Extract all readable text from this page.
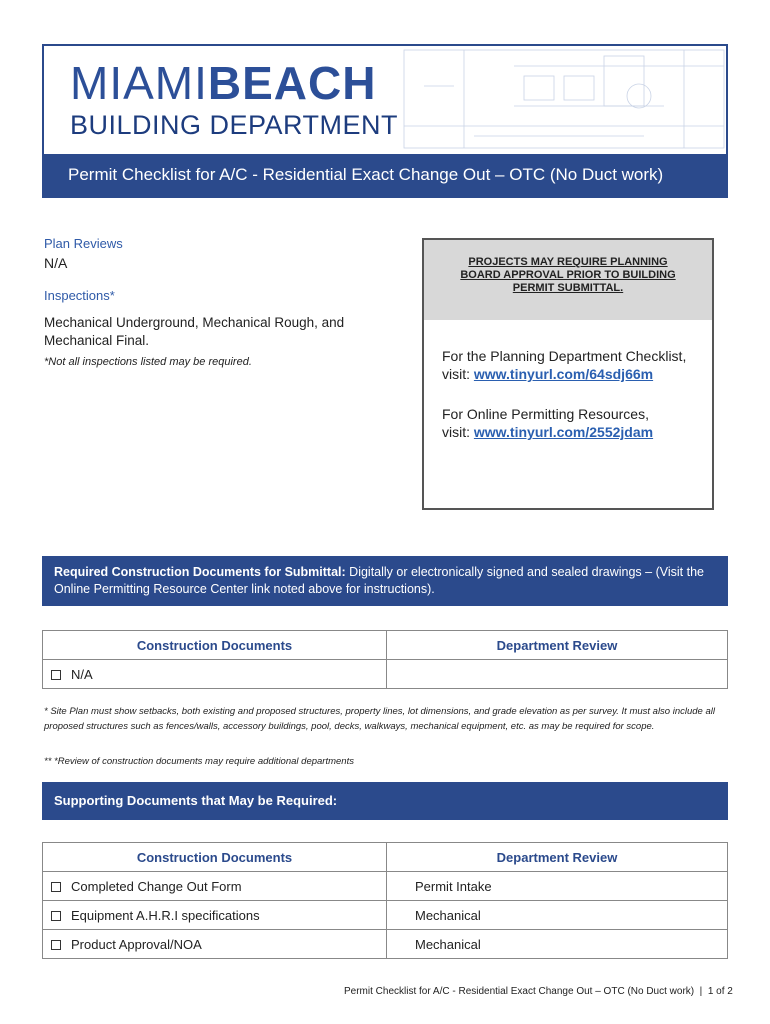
MIAMIBEACH
BUILDING DEPARTMENT
Permit Checklist for A/C - Residential Exact Change Out – OTC (No Duct work)
Plan Reviews
N/A
Inspections*
Mechanical Underground, Mechanical Rough, and Mechanical Final.
*Not all inspections listed may be required.
PROJECTS MAY REQUIRE PLANNING
BOARD APPROVAL PRIOR TO BUILDING
PERMIT SUBMITTAL.
For the Planning Department Checklist,
visit: www.tinyurl.com/64sdj66m
For Online Permitting Resources,
visit: www.tinyurl.com/2552jdam
Required Construction Documents for Submittal: Digitally or electronically signed and sealed drawings – (Visit the Online Permitting Resource Center link noted above for instructions).
Construction Documents	Department Review
N/A	
* Site Plan must show setbacks, both existing and proposed structures, property lines, lot dimensions, and grade elevation as per survey. It must also include all proposed structures such as fences/walls, accessory buildings, pool, decks, walkways, mechanical equipment, etc. as may be required for scope.
** *Review of construction documents may require additional departments
Supporting Documents that May be Required:
Construction Documents	Department Review
Completed Change Out Form	Permit Intake
Equipment A.H.R.I specifications	Mechanical
Product Approval/NOA	Mechanical
Permit Checklist for A/C - Residential Exact Change Out – OTC (No Duct work)  |  1 of 2
